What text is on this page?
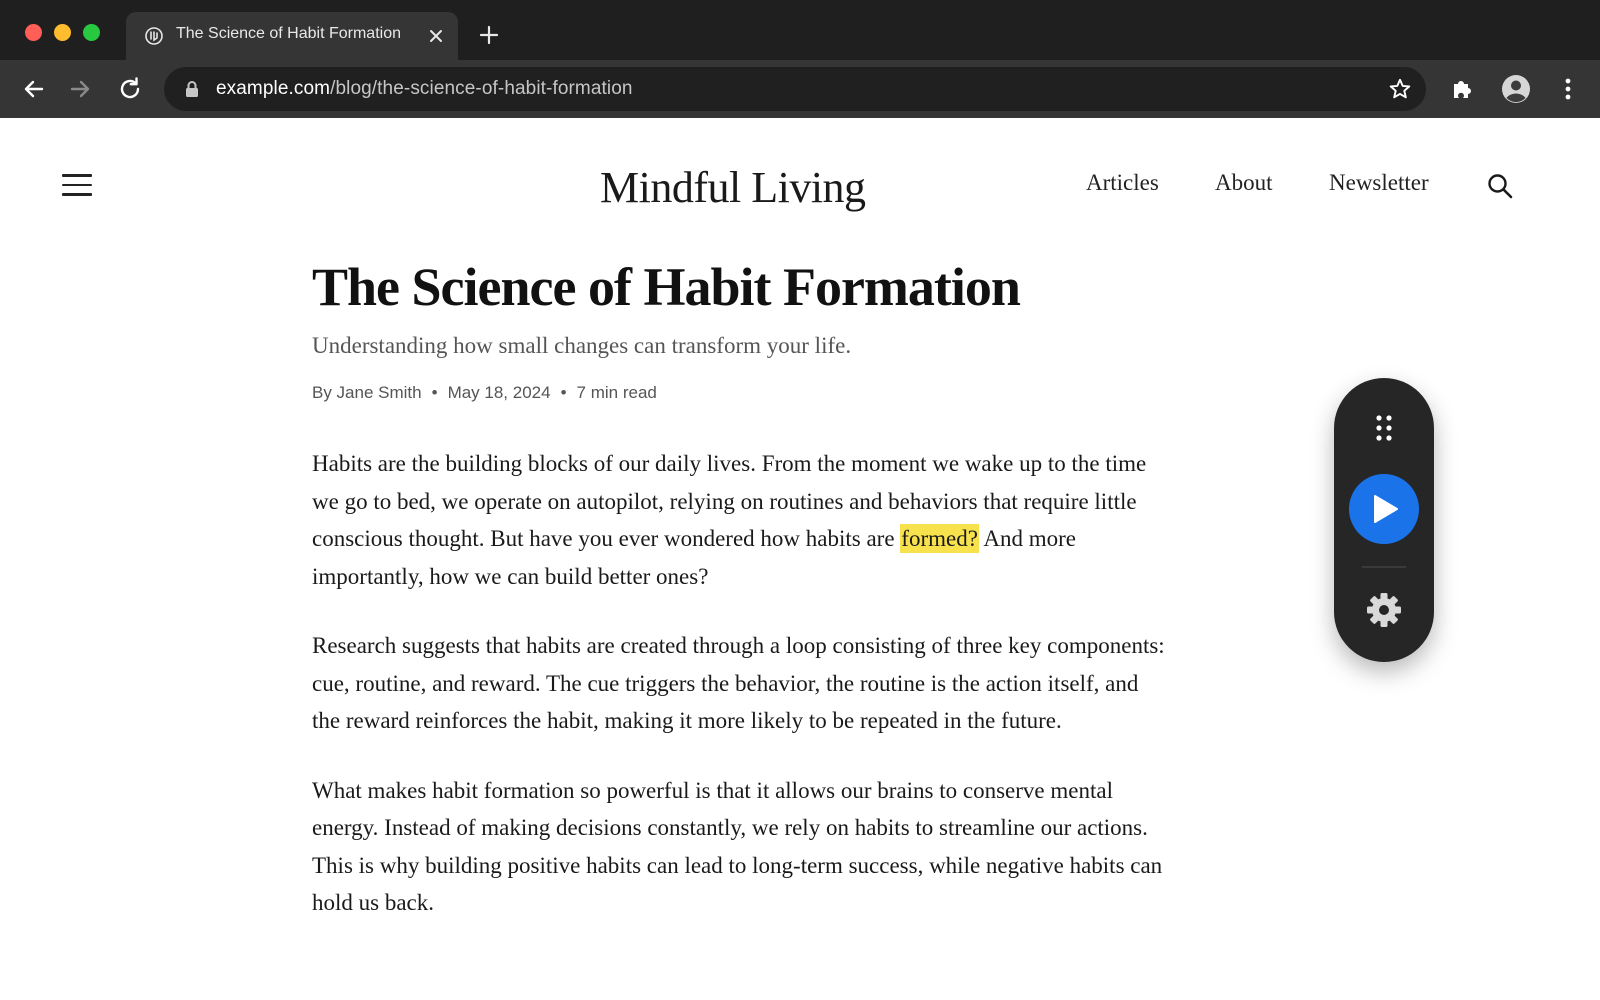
The Science of Habit Formation
example.com/blog/the-science-of-habit-formation
Mindful Living	Articles About Newsletter
The Science of Habit Formation
Understanding how small changes can transform your life.
By Jane Smith • May 18, 2024 • 7 min read

Habits are the building blocks of our daily lives. From the moment we wake up to the time we go to bed, we operate on autopilot, relying on routines and behaviors that require little conscious thought. But have you ever wondered how habits are formed? And more importantly, how we can build better ones?

Research suggests that habits are created through a loop consisting of three key components: cue, routine, and reward. The cue triggers the behavior, the routine is the action itself, and the reward reinforces the habit, making it more likely to be repeated in the future.

What makes habit formation so powerful is that it allows our brains to conserve mental energy. Instead of making decisions constantly, we rely on habits to streamline our actions. This is why building positive habits can lead to long-term success, while negative habits can hold us back.
